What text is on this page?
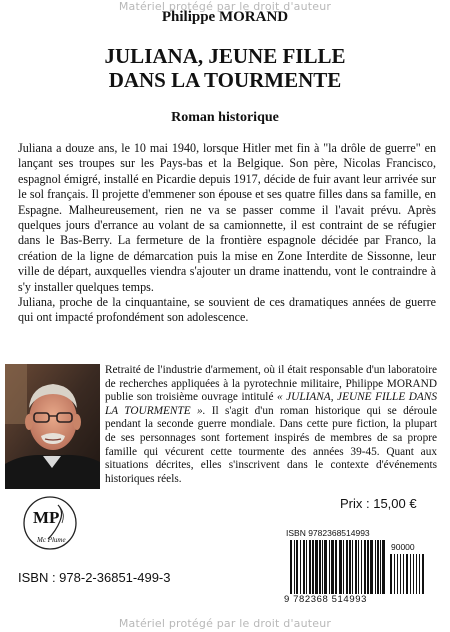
Matériel protégé par le droit d'auteur
Philippe MORAND
JULIANA, JEUNE FILLE
DANS LA TOURMENTE
Roman historique

Juliana a douze ans, le 10 mai 1940, lorsque Hitler met fin à "la drôle de guerre" en lançant ses troupes sur les Pays-bas et la Belgique. Son père, Nicolas Francisco, espagnol émigré, installé en Picardie depuis 1917, décide de fuir avant leur arrivée sur le sol français. Il projette d'emmener son épouse et ses quatre filles dans sa famille, en Espagne. Malheureusement, rien ne va se passer comme il l'avait prévu. Après quelques jours d'errance au volant de sa camionnette, il est contraint de se réfugier dans le Bas-Berry. La fermeture de la frontière espagnole décidée par Franco, la création de la ligne de démarcation puis la mise en Zone Interdite de Sissonne, leur ville de départ, auxquelles viendra s'ajouter un drame inattendu, vont le contraindre à s'y installer quelques temps.

Juliana, proche de la cinquantaine, se souvient de ces dramatiques années de guerre qui ont impacté profondément son adolescence.

Retraité de l'industrie d'armement, où il était responsable d'un laboratoire de recherches appliquées à la pyrotechnie militaire, Philippe MORAND publie son troisième ouvrage intitulé « JULIANA, JEUNE FILLE DANS LA TOURMENTE ». Il s'agit d'un roman historique qui se déroule pendant la seconde guerre mondiale. Dans cette pure fiction, la plupart de ses personnages sont fortement inspirés de membres de sa propre famille qui vécurent cette tourmente des années 39-45. Quant aux situations décrites, elles s'inscrivent dans le contexte d'événements historiques réels.

MP
Mc Plume
Prix : 15,00 €
ISBN 9782368514993
90000
9 782368 514993
ISBN : 978-2-36851-499-3
Matériel protégé par le droit d'auteur
